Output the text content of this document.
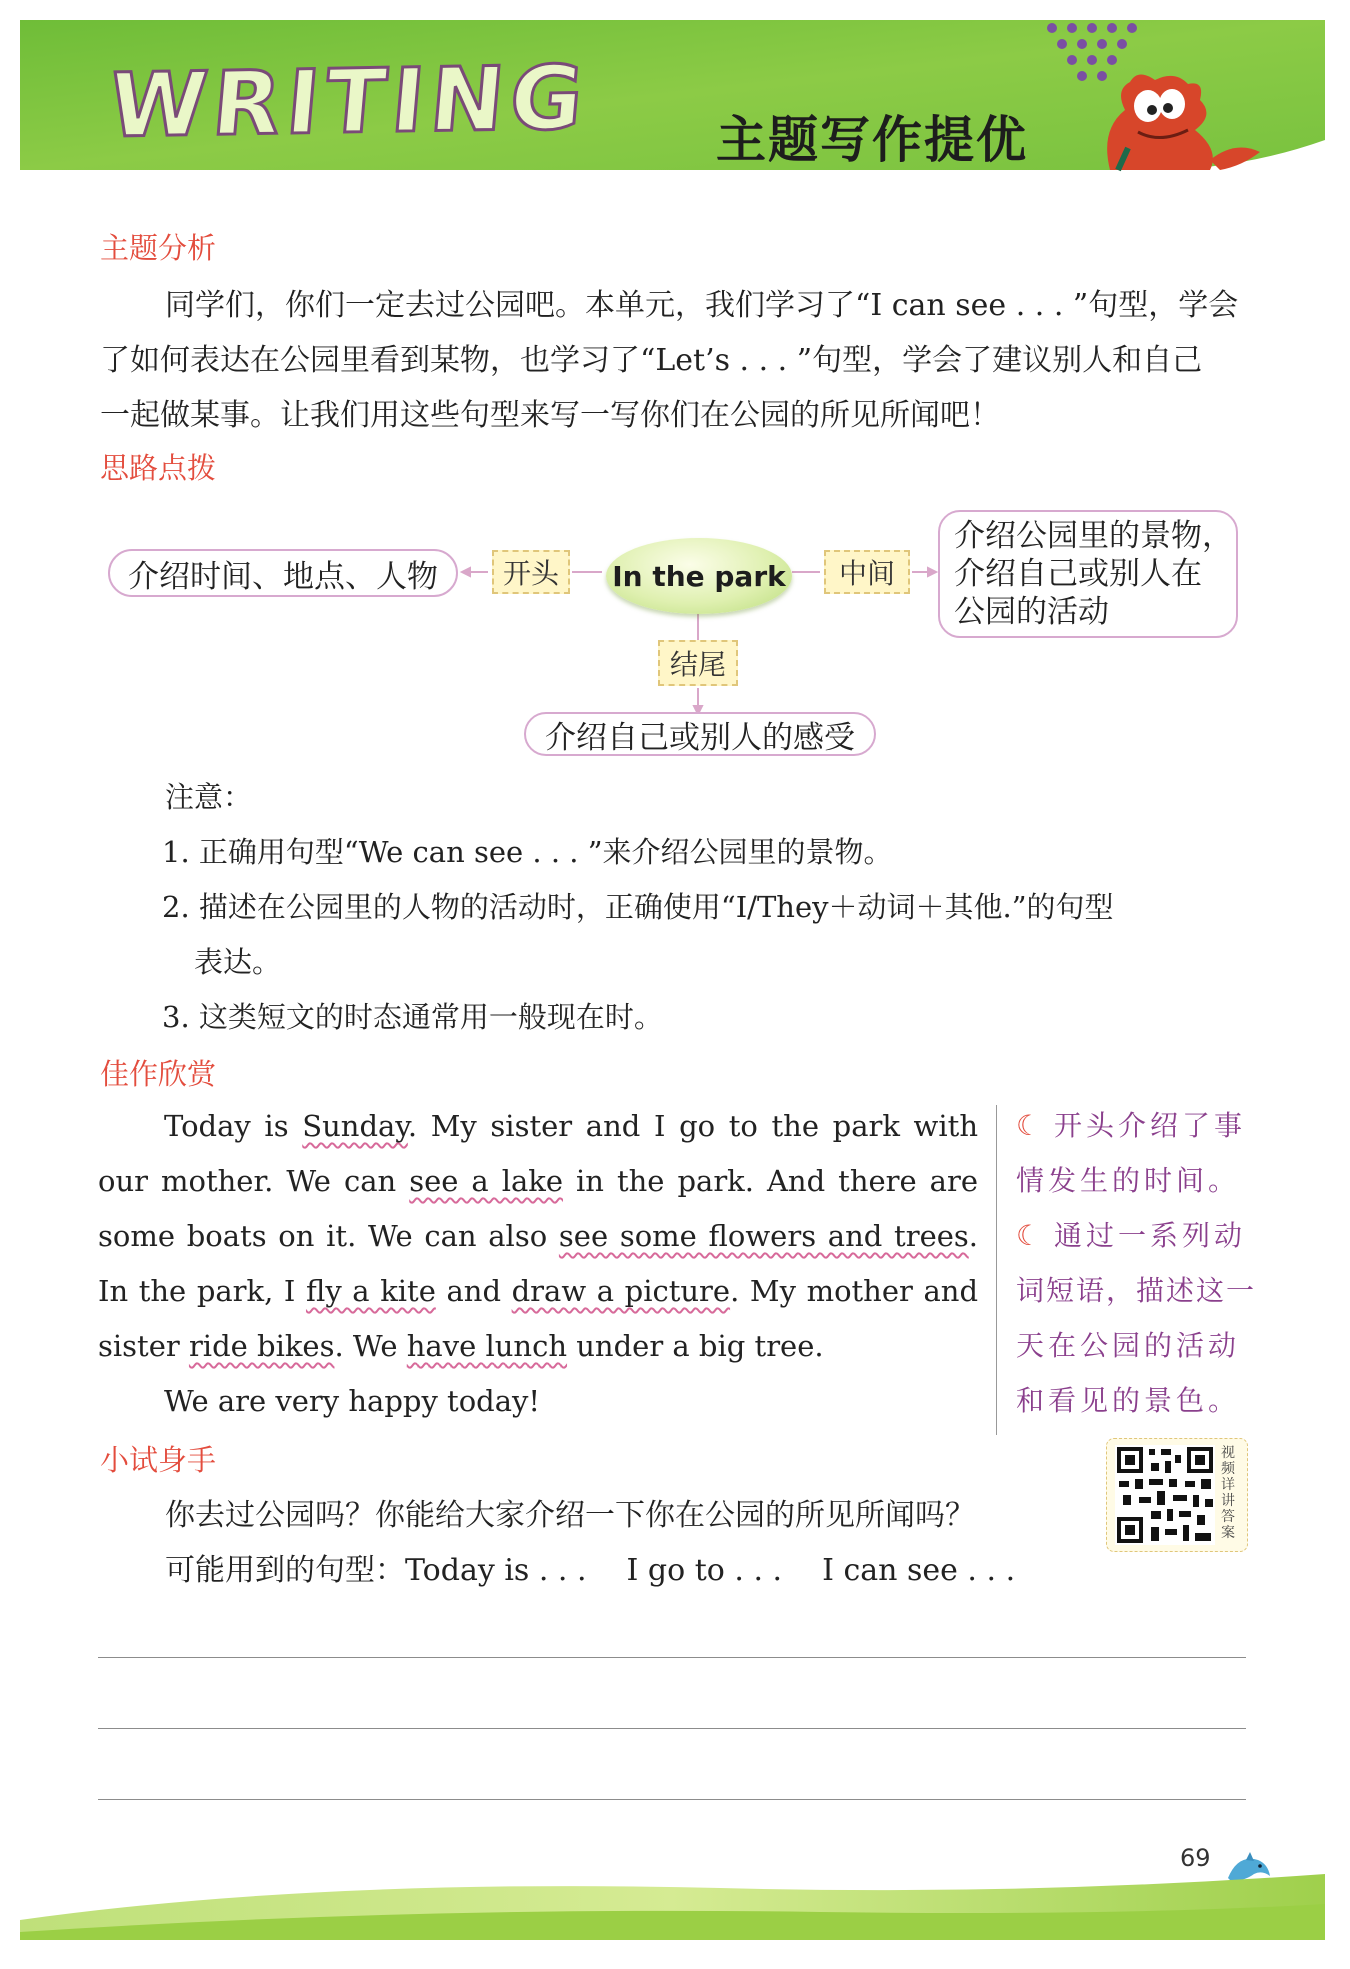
WRITING 主题写作提优
主题分析
同学们，你们一定去过公园吧。本单元，我们学习了“I can see . . . ”句型，学会
了如何表达在公园里看到某物，也学习了“Let’s . . . ”句型，学会了建议别人和自己
一起做某事。让我们用这些句型来写一写你们在公园的所见所闻吧！
思路点拨
介绍时间、地点、人物	开头	In the park	中间
介绍公园里的景物，
介绍自己或别人在
公园的活动
结尾
介绍自己或别人的感受
注意：
1. 正确用句型“We can see . . . ”来介绍公园里的景物。
2. 描述在公园里的人物的活动时，正确使用“I/They＋动词＋其他.”的句型
表达。
3. 这类短文的时态通常用一般现在时。
佳作欣赏
Today is Sunday. My sister and I go to the park with our mother. We can see a lake in the park. And there are some boats on it. We can also see some flowers and trees. In the park, I fly a kite and draw a picture. My mother and sister ride bikes. We have lunch under a big tree.
We are very happy today!
☾ 开头介绍了事
情发生的时间。
☾ 通过一系列动
词短语，描述这一
天在公园的活动
和看见的景色。
小试身手
你去过公园吗？你能给大家介绍一下你在公园的所见所闻吗？
可能用到的句型：Today is . . . I go to . . . I can see . . .
视频详讲答案
69
